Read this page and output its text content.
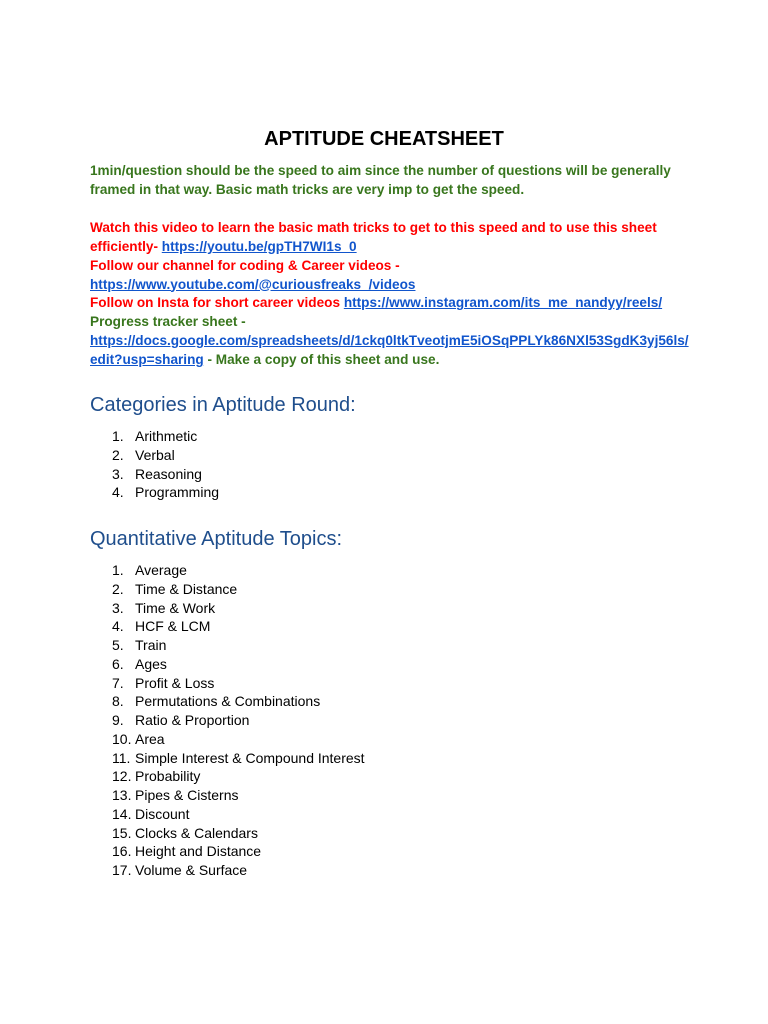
APTITUDE CHEATSHEET
1min/question should be the speed to aim since the number of questions will be generally framed in that way. Basic math tricks are very imp to get the speed.
Watch this video to learn the basic math tricks to get to this speed and to use this sheet efficiently- https://youtu.be/gpTH7WI1s_0
Follow our channel for coding & Career videos -
https://www.youtube.com/@curiousfreaks_/videos
Follow on Insta for short career videos https://www.instagram.com/its_me_nandyy/reels/
Progress tracker sheet -
https://docs.google.com/spreadsheets/d/1ckq0ltkTveotjmE5iOSqPPLYk86NXl53SgdK3yj56ls/edit?usp=sharing - Make a copy of this sheet and use.
Categories in Aptitude Round:
1. Arithmetic
2. Verbal
3. Reasoning
4. Programming
Quantitative Aptitude Topics:
1. Average
2. Time & Distance
3. Time & Work
4. HCF & LCM
5. Train
6. Ages
7. Profit & Loss
8. Permutations & Combinations
9. Ratio & Proportion
10. Area
11. Simple Interest & Compound Interest
12. Probability
13. Pipes & Cisterns
14. Discount
15. Clocks & Calendars
16. Height and Distance
17. Volume & Surface
